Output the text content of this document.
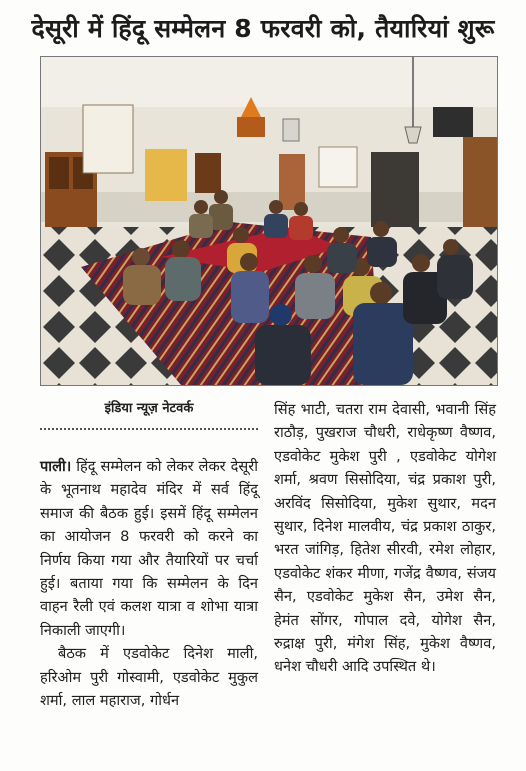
देसूरी में हिंदू सम्मेलन 8 फरवरी को, तैयारियां शुरू
इंडिया न्यूज़ नेटवर्क

पाली। हिंदू सम्मेलन को लेकर लेकर देसूरी के भूतनाथ महादेव मंदिर में सर्व हिंदू समाज की बैठक हुई। इसमें हिंदू सम्मेलन का आयोजन 8 फरवरी को करने का निर्णय किया गया और तैयारियों पर चर्चा हुई। बताया गया कि सम्मेलन के दिन वाहन रैली एवं कलश यात्रा व शोभा यात्रा निकाली जाएगी।

बैठक में एडवोकेट दिनेश माली, हरिओम पुरी गोस्वामी, एडवोकेट मुकुल शर्मा, लाल महाराज, गोर्धन

सिंह भाटी, चतरा राम देवासी, भवानी सिंह राठौड़, पुखराज चौधरी, राधेकृष्ण वैष्णव, एडवोकेट मुकेश पुरी , एडवोकेट योगेश शर्मा, श्रवण सिसोदिया, चंद्र प्रकाश पुरी, अरविंद सिसोदिया, मुकेश सुथार, मदन सुथार, दिनेश मालवीय, चंद्र प्रकाश ठाकुर, भरत जांगिड़, हितेश सीरवी, रमेश लोहार, एडवोकेट शंकर मीणा, गजेंद्र वैष्णव, संजय सैन, एडवोकेट मुकेश सैन, उमेश सैन, हेमंत सोंगर, गोपाल दवे, योगेश सैन, रुद्राक्ष पुरी, मंगेश सिंह, मुकेश वैष्णव, धनेश चौधरी आदि उपस्थित थे।
